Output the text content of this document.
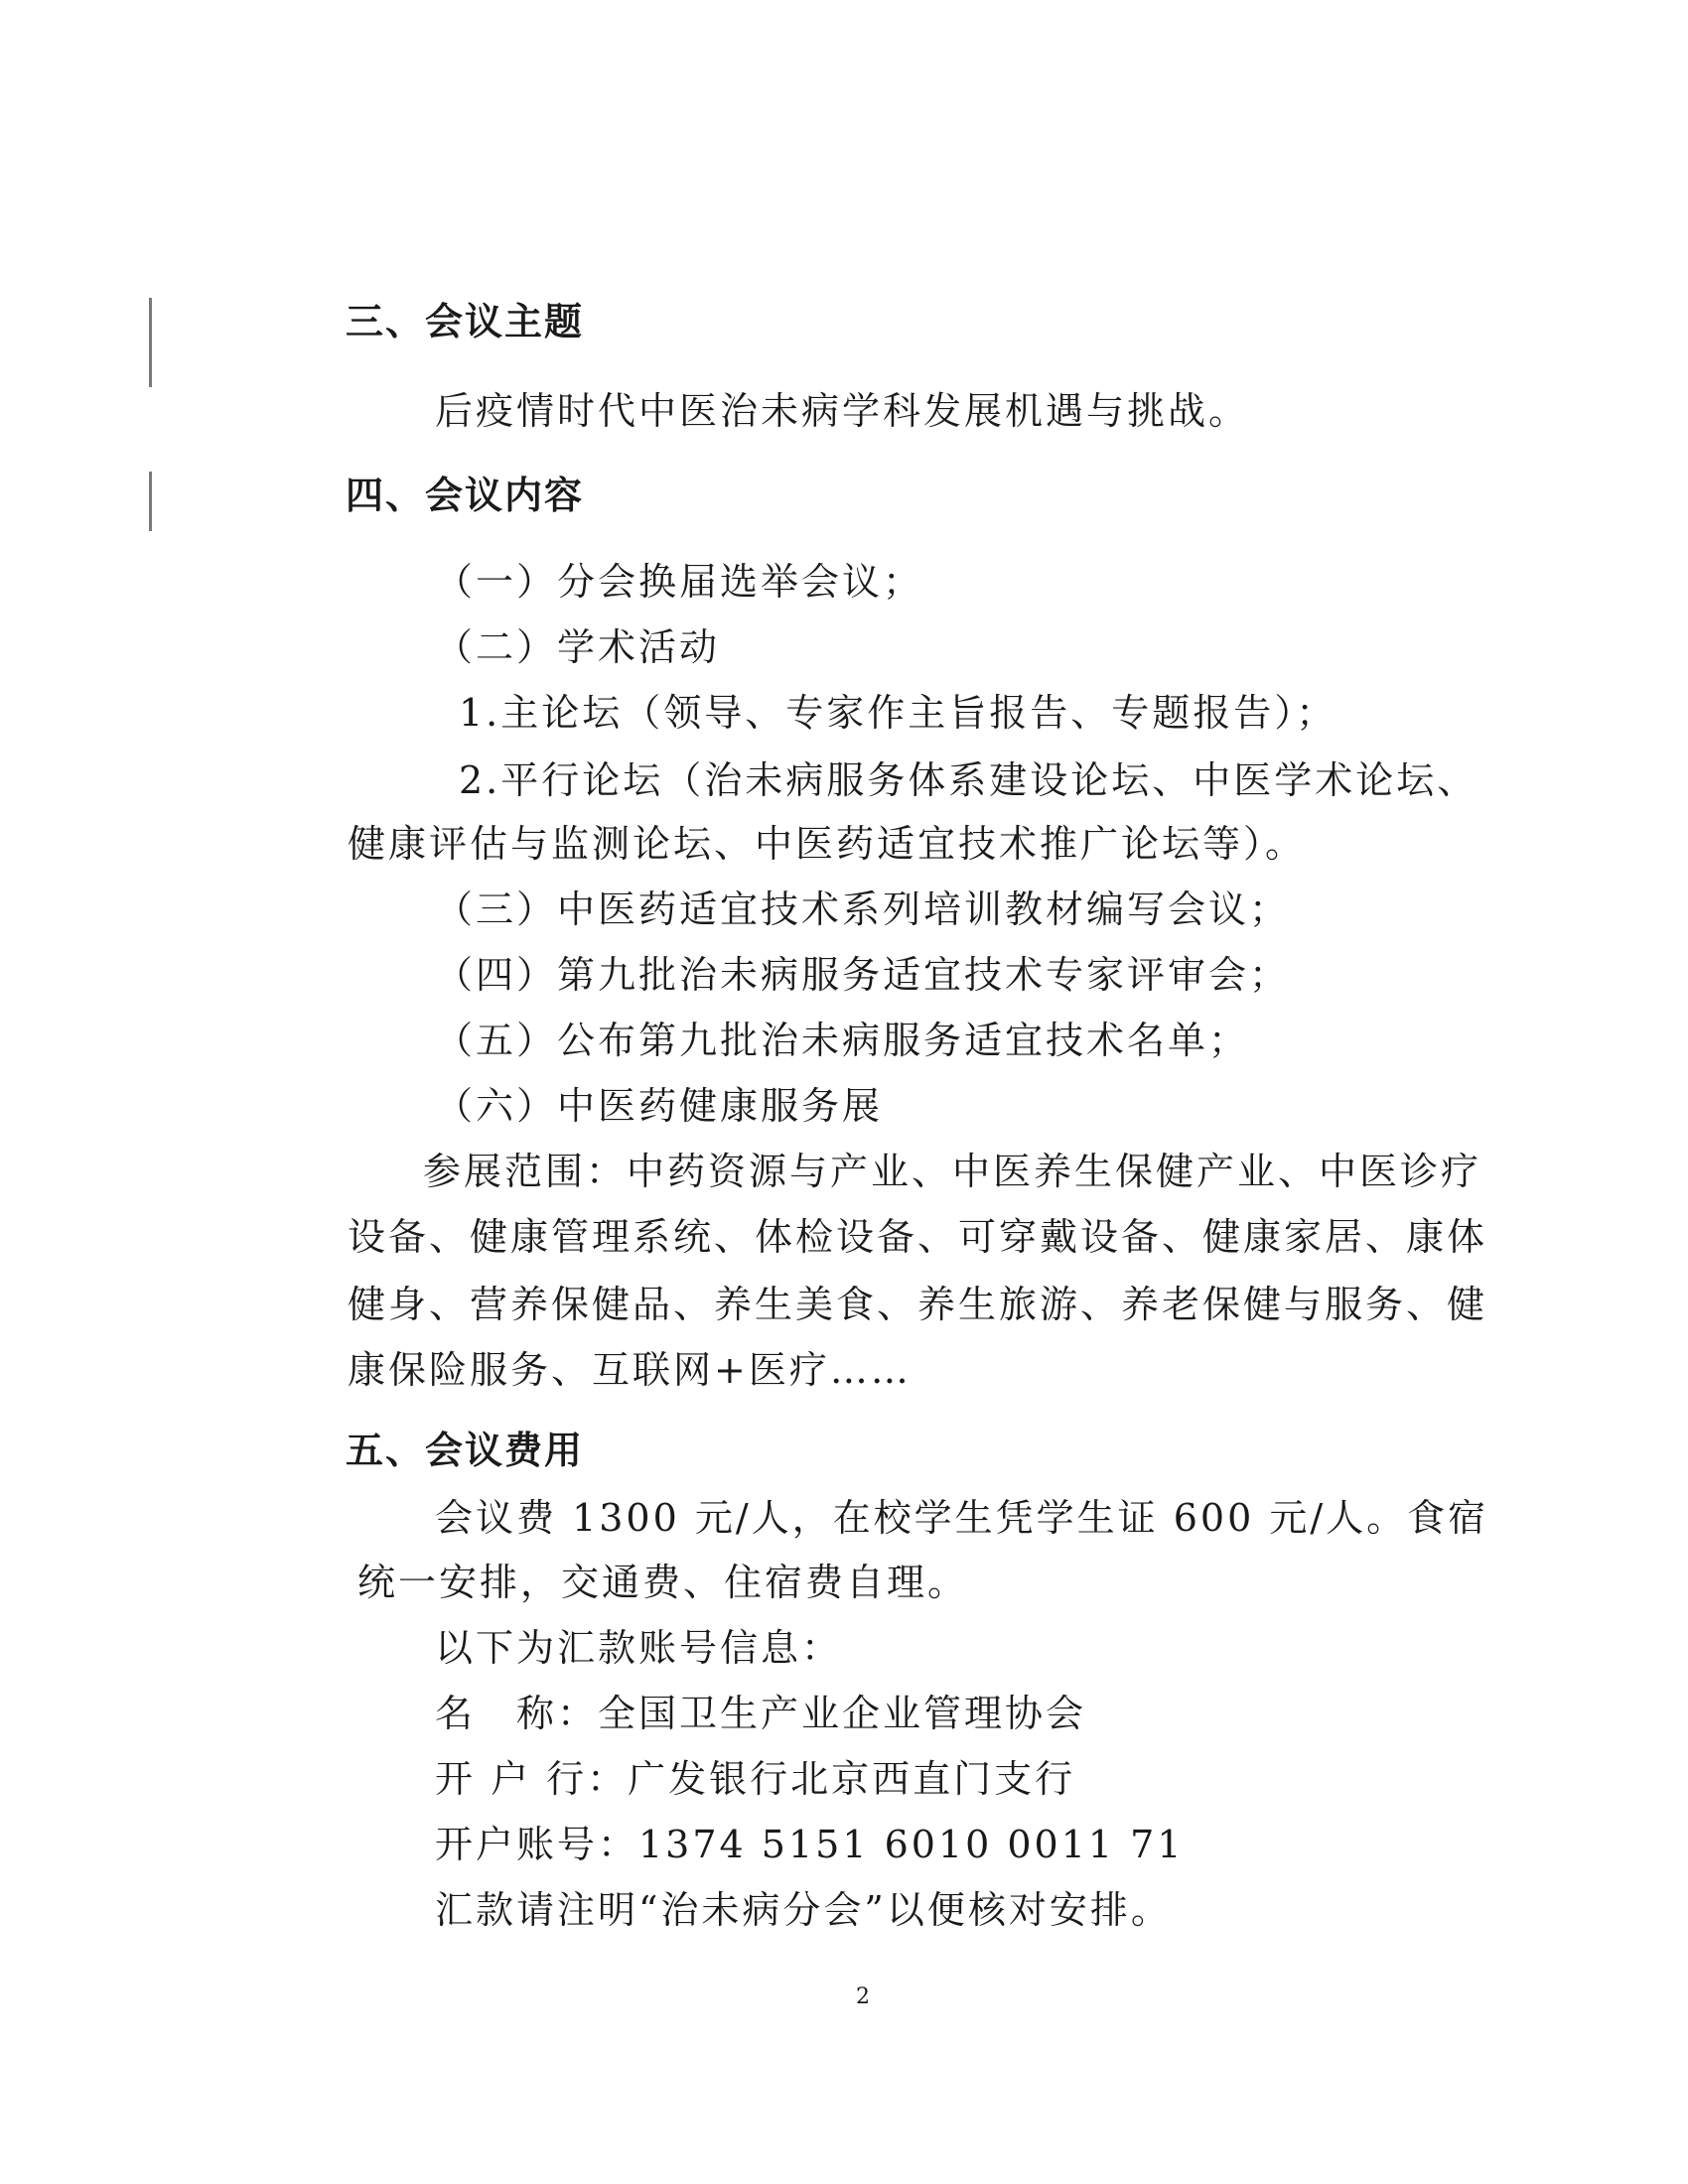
三、会议主题
后疫情时代中医治未病学科发展机遇与挑战。
四、会议内容
（一）分会换届选举会议；
（二）学术活动
1.主论坛（领导、专家作主旨报告、专题报告）；
2.平行论坛（治未病服务体系建设论坛、中医学术论坛、
健康评估与监测论坛、中医药适宜技术推广论坛等）。
（三）中医药适宜技术系列培训教材编写会议；
（四）第九批治未病服务适宜技术专家评审会；
（五）公布第九批治未病服务适宜技术名单；
（六）中医药健康服务展
参展范围：中药资源与产业、中医养生保健产业、中医诊疗
设备、健康管理系统、体检设备、可穿戴设备、健康家居、康体
健身、营养保健品、养生美食、养生旅游、养老保健与服务、健
康保险服务、互联网+医疗……
五、会议费用
会议费 1300 元/人，在校学生凭学生证 600 元/人。食宿
统一安排，交通费、住宿费自理。
以下为汇款账号信息：
名　称：全国卫生产业企业管理协会
开 户 行：广发银行北京西直门支行
开户账号：1374 5151 6010 0011 71
汇款请注明“治未病分会”以便核对安排。
2
